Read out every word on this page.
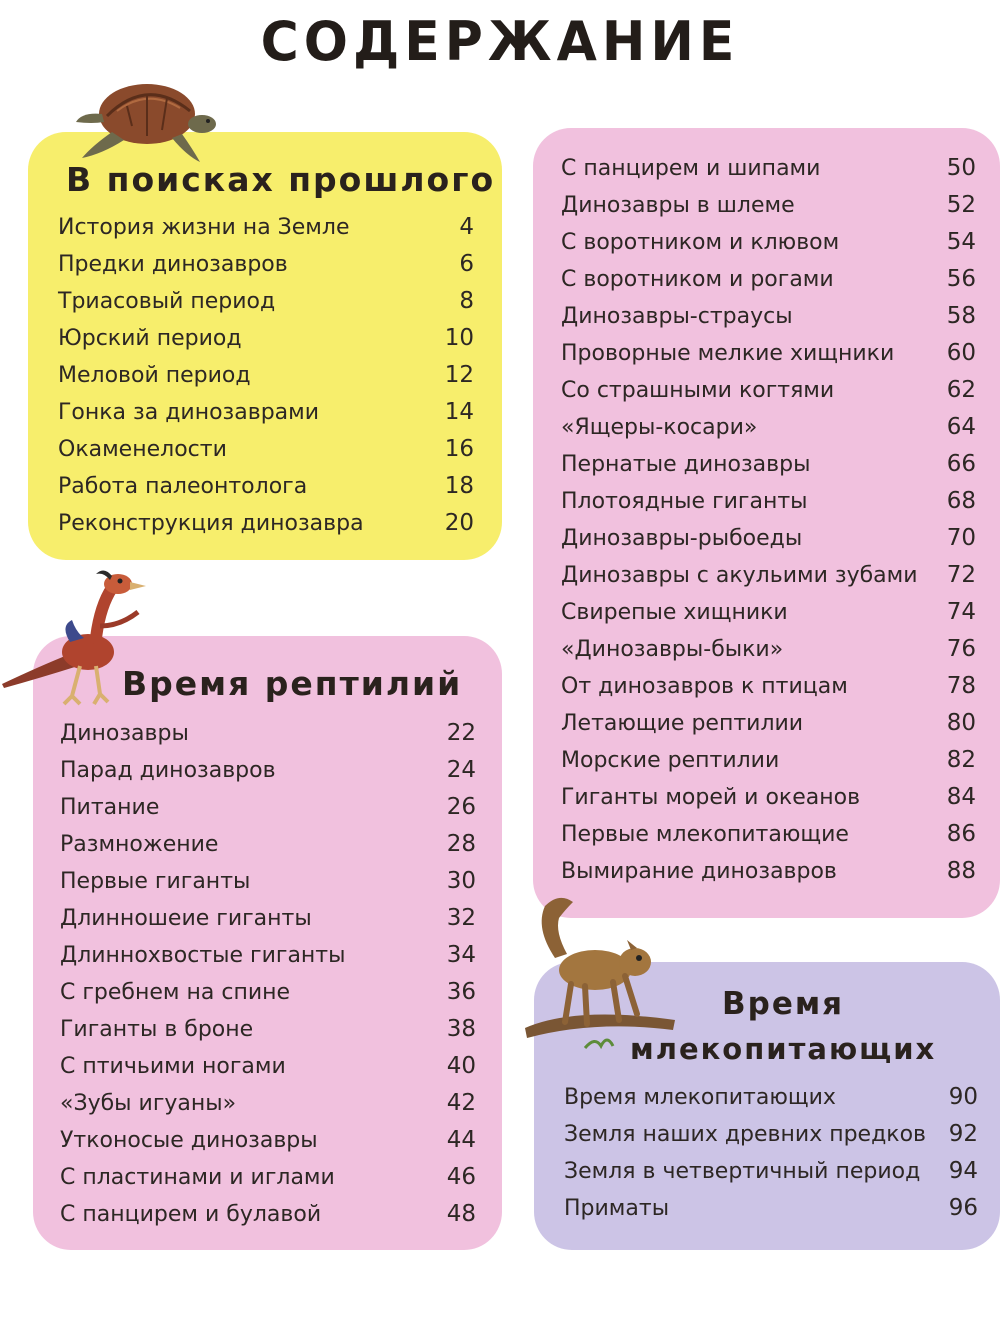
СОДЕРЖАНИЕ
В поисках прошлого
История жизни на Земле	4
Предки динозавров	6
Триасовый период	8
Юрский период	10
Меловой период	12
Гонка за динозаврами	14
Окаменелости	16
Работа палеонтолога	18
Реконструкция динозавра	20
Время рептилий
Динозавры	22
Парад динозавров	24
Питание	26
Размножение	28
Первые гиганты	30
Длинношеие гиганты	32
Длиннохвостые гиганты	34
С гребнем на спине	36
Гиганты в броне	38
С птичьими ногами	40
«Зубы игуаны»	42
Утконосые динозавры	44
С пластинами и иглами	46
С панцирем и булавой	48
С панцирем и шипами	50
Динозавры в шлеме	52
С воротником и клювом	54
С воротником и рогами	56
Динозавры-страусы	58
Проворные мелкие хищники 60
Со страшными когтями	62
«Ящеры-косари»	64
Пернатые динозавры	66
Плотоядные гиганты	68
Динозавры-рыбоеды	70
Динозавры с акульими зубами 72
Свирепые хищники	74
«Динозавры-быки»	76
От динозавров к птицам	78
Летающие рептилии	80
Морские рептилии	82
Гиганты морей и океанов	84
Первые млекопитающие	86
Вымирание динозавров	88
Время
млекопитающих
Время млекопитающих	90
Земля наших древних предков 92
Земля в четвертичный период 94
Приматы	96
